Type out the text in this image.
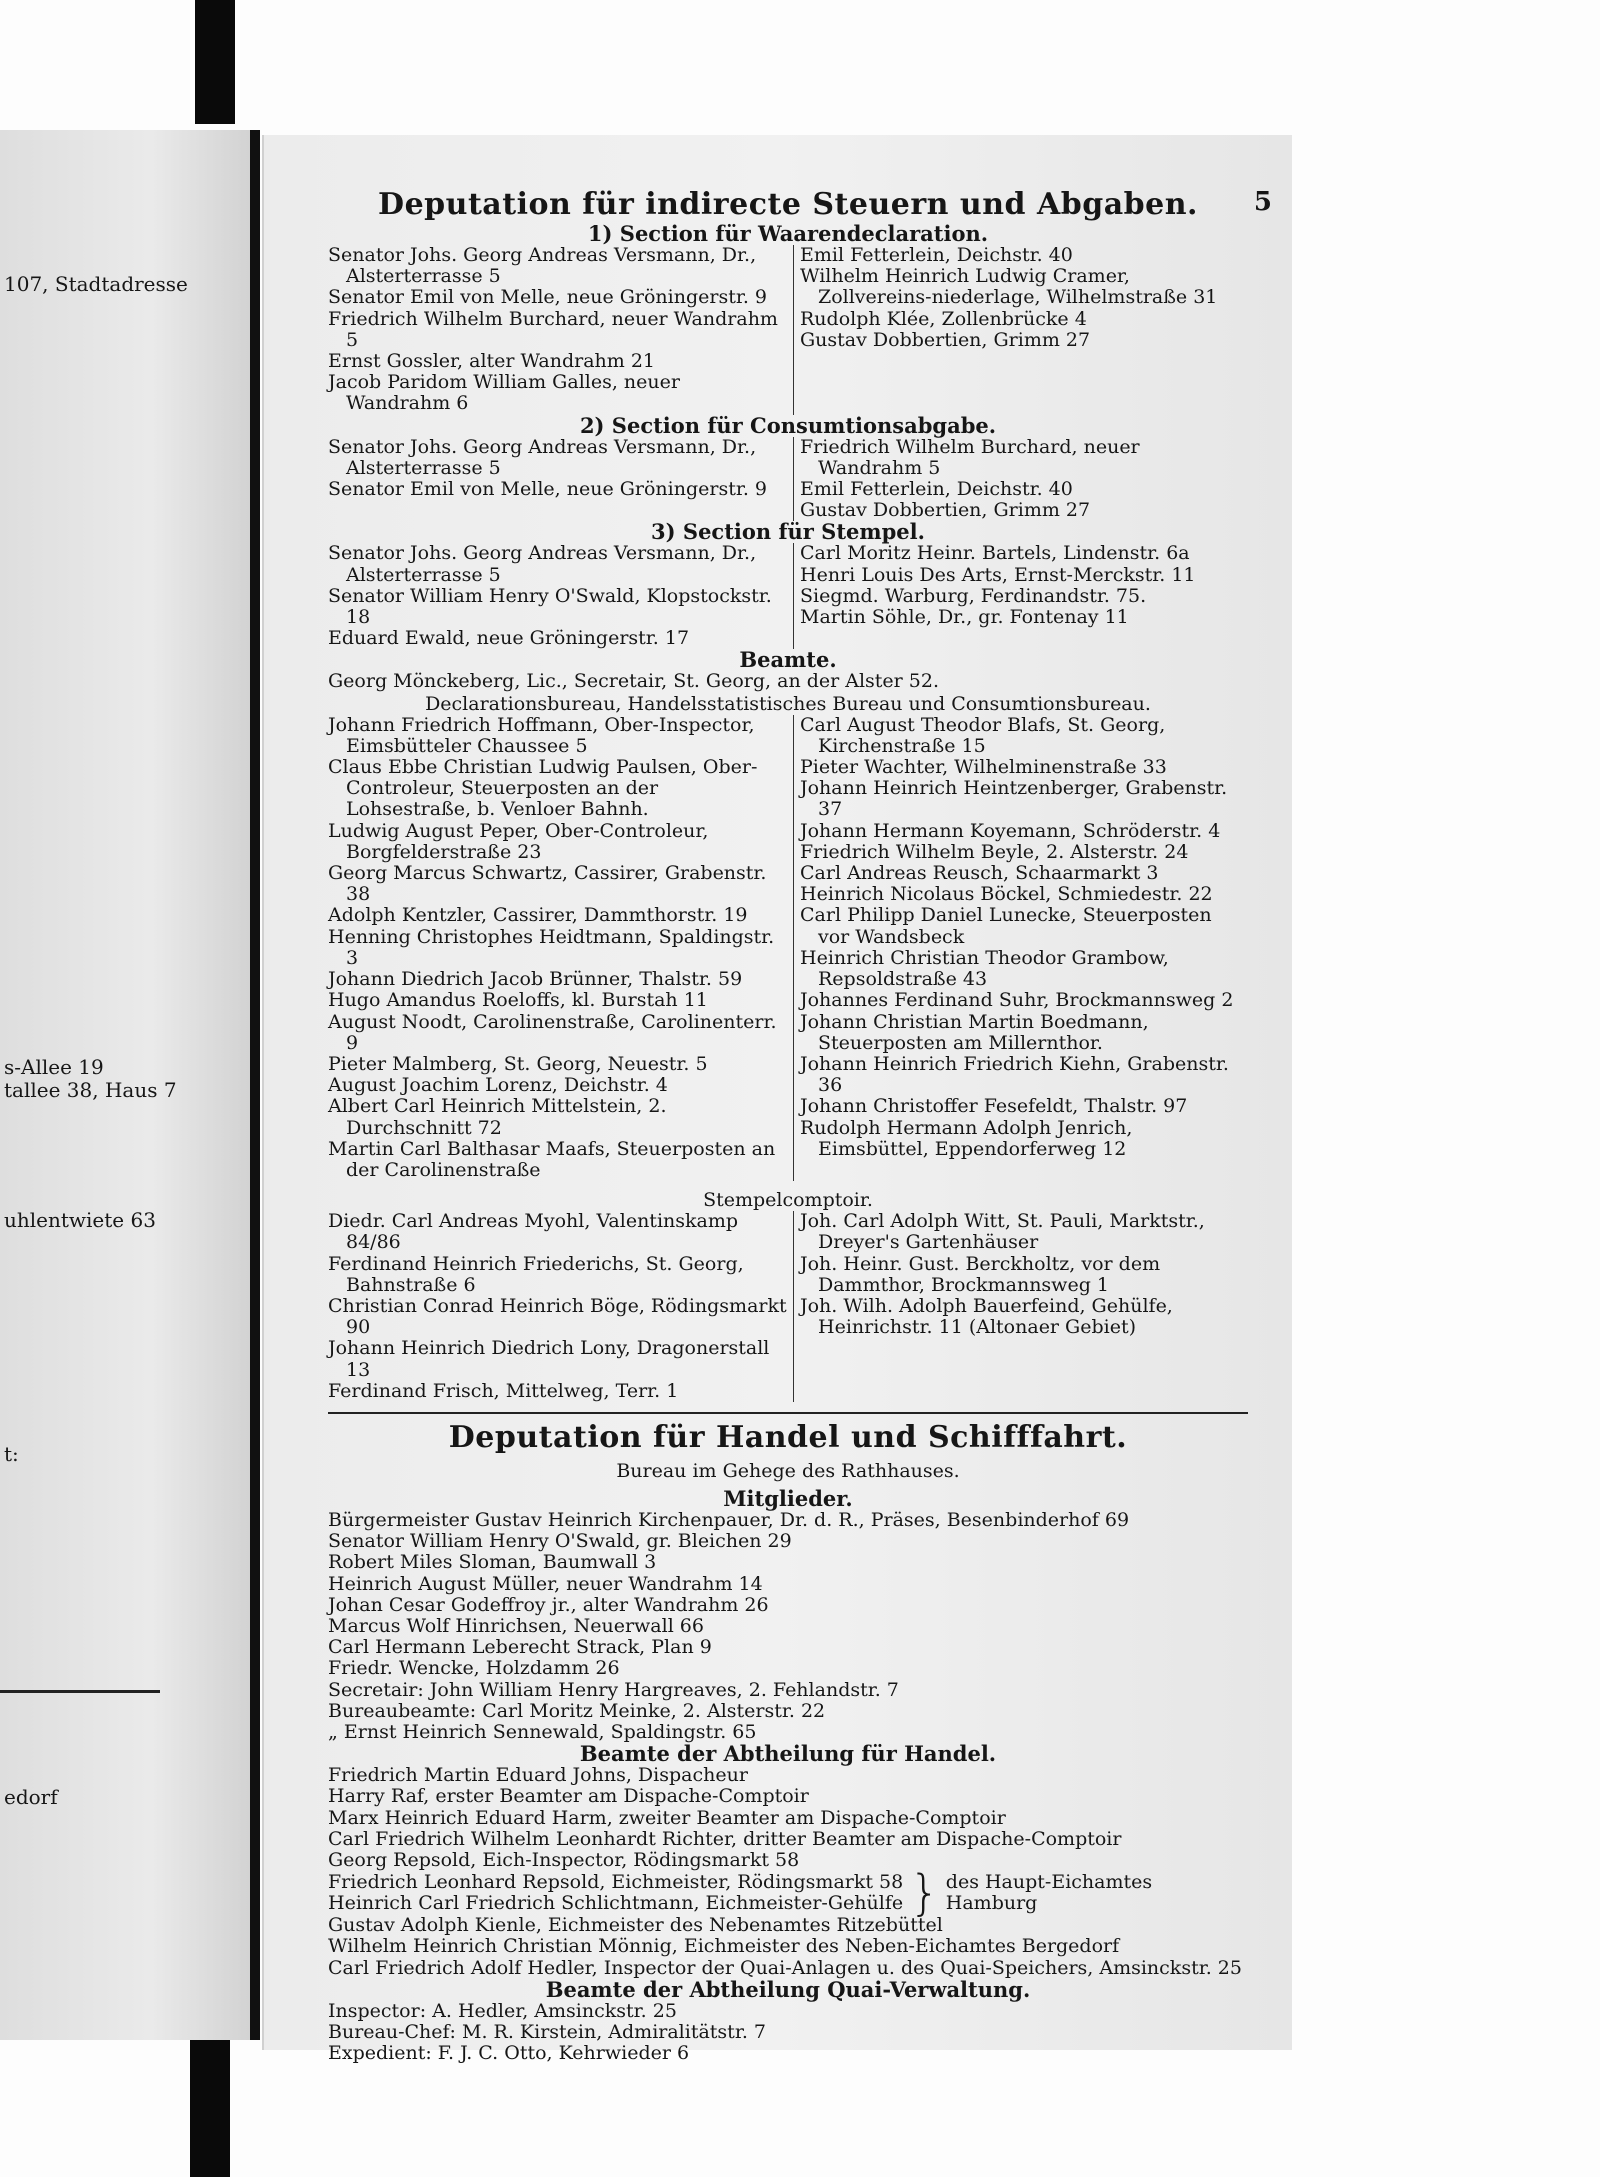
107, Stadtadresse
s-Allee 19
tallee 38, Haus 7
uhlentwiete 63
t:
edorf
5

Deputation für indirecte Steuern und Abgaben.

1) Section für Waarendeclaration.

Senator Johs. Georg Andreas Versmann, Dr., Alsterterrasse 5

Senator Emil von Melle, neue Gröningerstr. 9

Friedrich Wilhelm Burchard, neuer Wandrahm 5

Ernst Gossler, alter Wandrahm 21

Jacob Paridom William Galles, neuer Wandrahm 6

Emil Fetterlein, Deichstr. 40

Wilhelm Heinrich Ludwig Cramer, Zollvereins-niederlage, Wilhelmstraße 31

Rudolph Klée, Zollenbrücke 4

Gustav Dobbertien, Grimm 27

2) Section für Consumtionsabgabe.

Senator Johs. Georg Andreas Versmann, Dr., Alsterterrasse 5

Senator Emil von Melle, neue Gröningerstr. 9

Friedrich Wilhelm Burchard, neuer Wandrahm 5

Emil Fetterlein, Deichstr. 40

Gustav Dobbertien, Grimm 27

3) Section für Stempel.

Senator Johs. Georg Andreas Versmann, Dr., Alsterterrasse 5

Senator William Henry O'Swald, Klopstockstr. 18

Eduard Ewald, neue Gröningerstr. 17

Carl Moritz Heinr. Bartels, Lindenstr. 6a

Henri Louis Des Arts, Ernst-Merckstr. 11

Siegmd. Warburg, Ferdinandstr. 75.

Martin Söhle, Dr., gr. Fontenay 11

Beamte.

Georg Mönckeberg, Lic., Secretair, St. Georg, an der Alster 52.

Declarationsbureau, Handelsstatistisches Bureau und Consumtionsbureau.

Johann Friedrich Hoffmann, Ober-Inspector, Eimsbütteler Chaussee 5

Claus Ebbe Christian Ludwig Paulsen, Ober-Controleur, Steuerposten an der Lohsestraße, b. Venloer Bahnh.

Ludwig August Peper, Ober-Controleur, Borgfelderstraße 23

Georg Marcus Schwartz, Cassirer, Grabenstr. 38

Adolph Kentzler, Cassirer, Dammthorstr. 19

Henning Christophes Heidtmann, Spaldingstr. 3

Johann Diedrich Jacob Brünner, Thalstr. 59

Hugo Amandus Roeloffs, kl. Burstah 11

August Noodt, Carolinenstraße, Carolinenterr. 9

Pieter Malmberg, St. Georg, Neuestr. 5

August Joachim Lorenz, Deichstr. 4

Albert Carl Heinrich Mittelstein, 2. Durchschnitt 72

Martin Carl Balthasar Maafs, Steuerposten an der Carolinenstraße

Carl August Theodor Blafs, St. Georg, Kirchenstraße 15

Pieter Wachter, Wilhelminenstraße 33

Johann Heinrich Heintzenberger, Grabenstr. 37

Johann Hermann Koyemann, Schröderstr. 4

Friedrich Wilhelm Beyle, 2. Alsterstr. 24

Carl Andreas Reusch, Schaarmarkt 3

Heinrich Nicolaus Böckel, Schmiedestr. 22

Carl Philipp Daniel Lunecke, Steuerposten vor Wandsbeck

Heinrich Christian Theodor Grambow, Repsoldstraße 43

Johannes Ferdinand Suhr, Brockmannsweg 2

Johann Christian Martin Boedmann, Steuerposten am Millernthor.

Johann Heinrich Friedrich Kiehn, Grabenstr. 36

Johann Christoffer Fesefeldt, Thalstr. 97

Rudolph Hermann Adolph Jenrich, Eimsbüttel, Eppendorferweg 12

Stempelcomptoir.

Diedr. Carl Andreas Myohl, Valentinskamp 84/86

Ferdinand Heinrich Friederichs, St. Georg, Bahnstraße 6

Christian Conrad Heinrich Böge, Rödingsmarkt 90

Johann Heinrich Diedrich Lony, Dragonerstall 13

Ferdinand Frisch, Mittelweg, Terr. 1

Joh. Carl Adolph Witt, St. Pauli, Marktstr., Dreyer's Gartenhäuser

Joh. Heinr. Gust. Berckholtz, vor dem Dammthor, Brockmannsweg 1

Joh. Wilh. Adolph Bauerfeind, Gehülfe, Heinrichstr. 11 (Altonaer Gebiet)

Deputation für Handel und Schifffahrt.

Bureau im Gehege des Rathhauses.

Mitglieder.

Bürgermeister Gustav Heinrich Kirchenpauer, Dr. d. R., Präses, Besenbinderhof 69

Senator William Henry O'Swald, gr. Bleichen 29

Robert Miles Sloman, Baumwall 3

Heinrich August Müller, neuer Wandrahm 14

Johan Cesar Godeffroy jr., alter Wandrahm 26

Marcus Wolf Hinrichsen, Neuerwall 66

Carl Hermann Leberecht Strack, Plan 9

Friedr. Wencke, Holzdamm 26

Secretair: John William Henry Hargreaves, 2. Fehlandstr. 7

Bureaubeamte: Carl Moritz Meinke, 2. Alsterstr. 22

„ Ernst Heinrich Sennewald, Spaldingstr. 65

Beamte der Abtheilung für Handel.

Friedrich Martin Eduard Johns, Dispacheur

Harry Raf, erster Beamter am Dispache-Comptoir

Marx Heinrich Eduard Harm, zweiter Beamter am Dispache-Comptoir

Carl Friedrich Wilhelm Leonhardt Richter, dritter Beamter am Dispache-Comptoir

Georg Repsold, Eich-Inspector, Rödingsmarkt 58

Friedrich Leonhard Repsold, Eichmeister, Rödingsmarkt 58

Heinrich Carl Friedrich Schlichtmann, Eichmeister-Gehülfe } des Haupt-Eichamtes Hamburg

Gustav Adolph Kienle, Eichmeister des Nebenamtes Ritzebüttel

Wilhelm Heinrich Christian Mönnig, Eichmeister des Neben-Eichamtes Bergedorf

Carl Friedrich Adolf Hedler, Inspector der Quai-Anlagen u. des Quai-Speichers, Amsinckstr. 25

Beamte der Abtheilung Quai-Verwaltung.

Inspector: A. Hedler, Amsinckstr. 25

Bureau-Chef: M. R. Kirstein, Admiralitätstr. 7

Expedient: F. J. C. Otto, Kehrwieder 6
